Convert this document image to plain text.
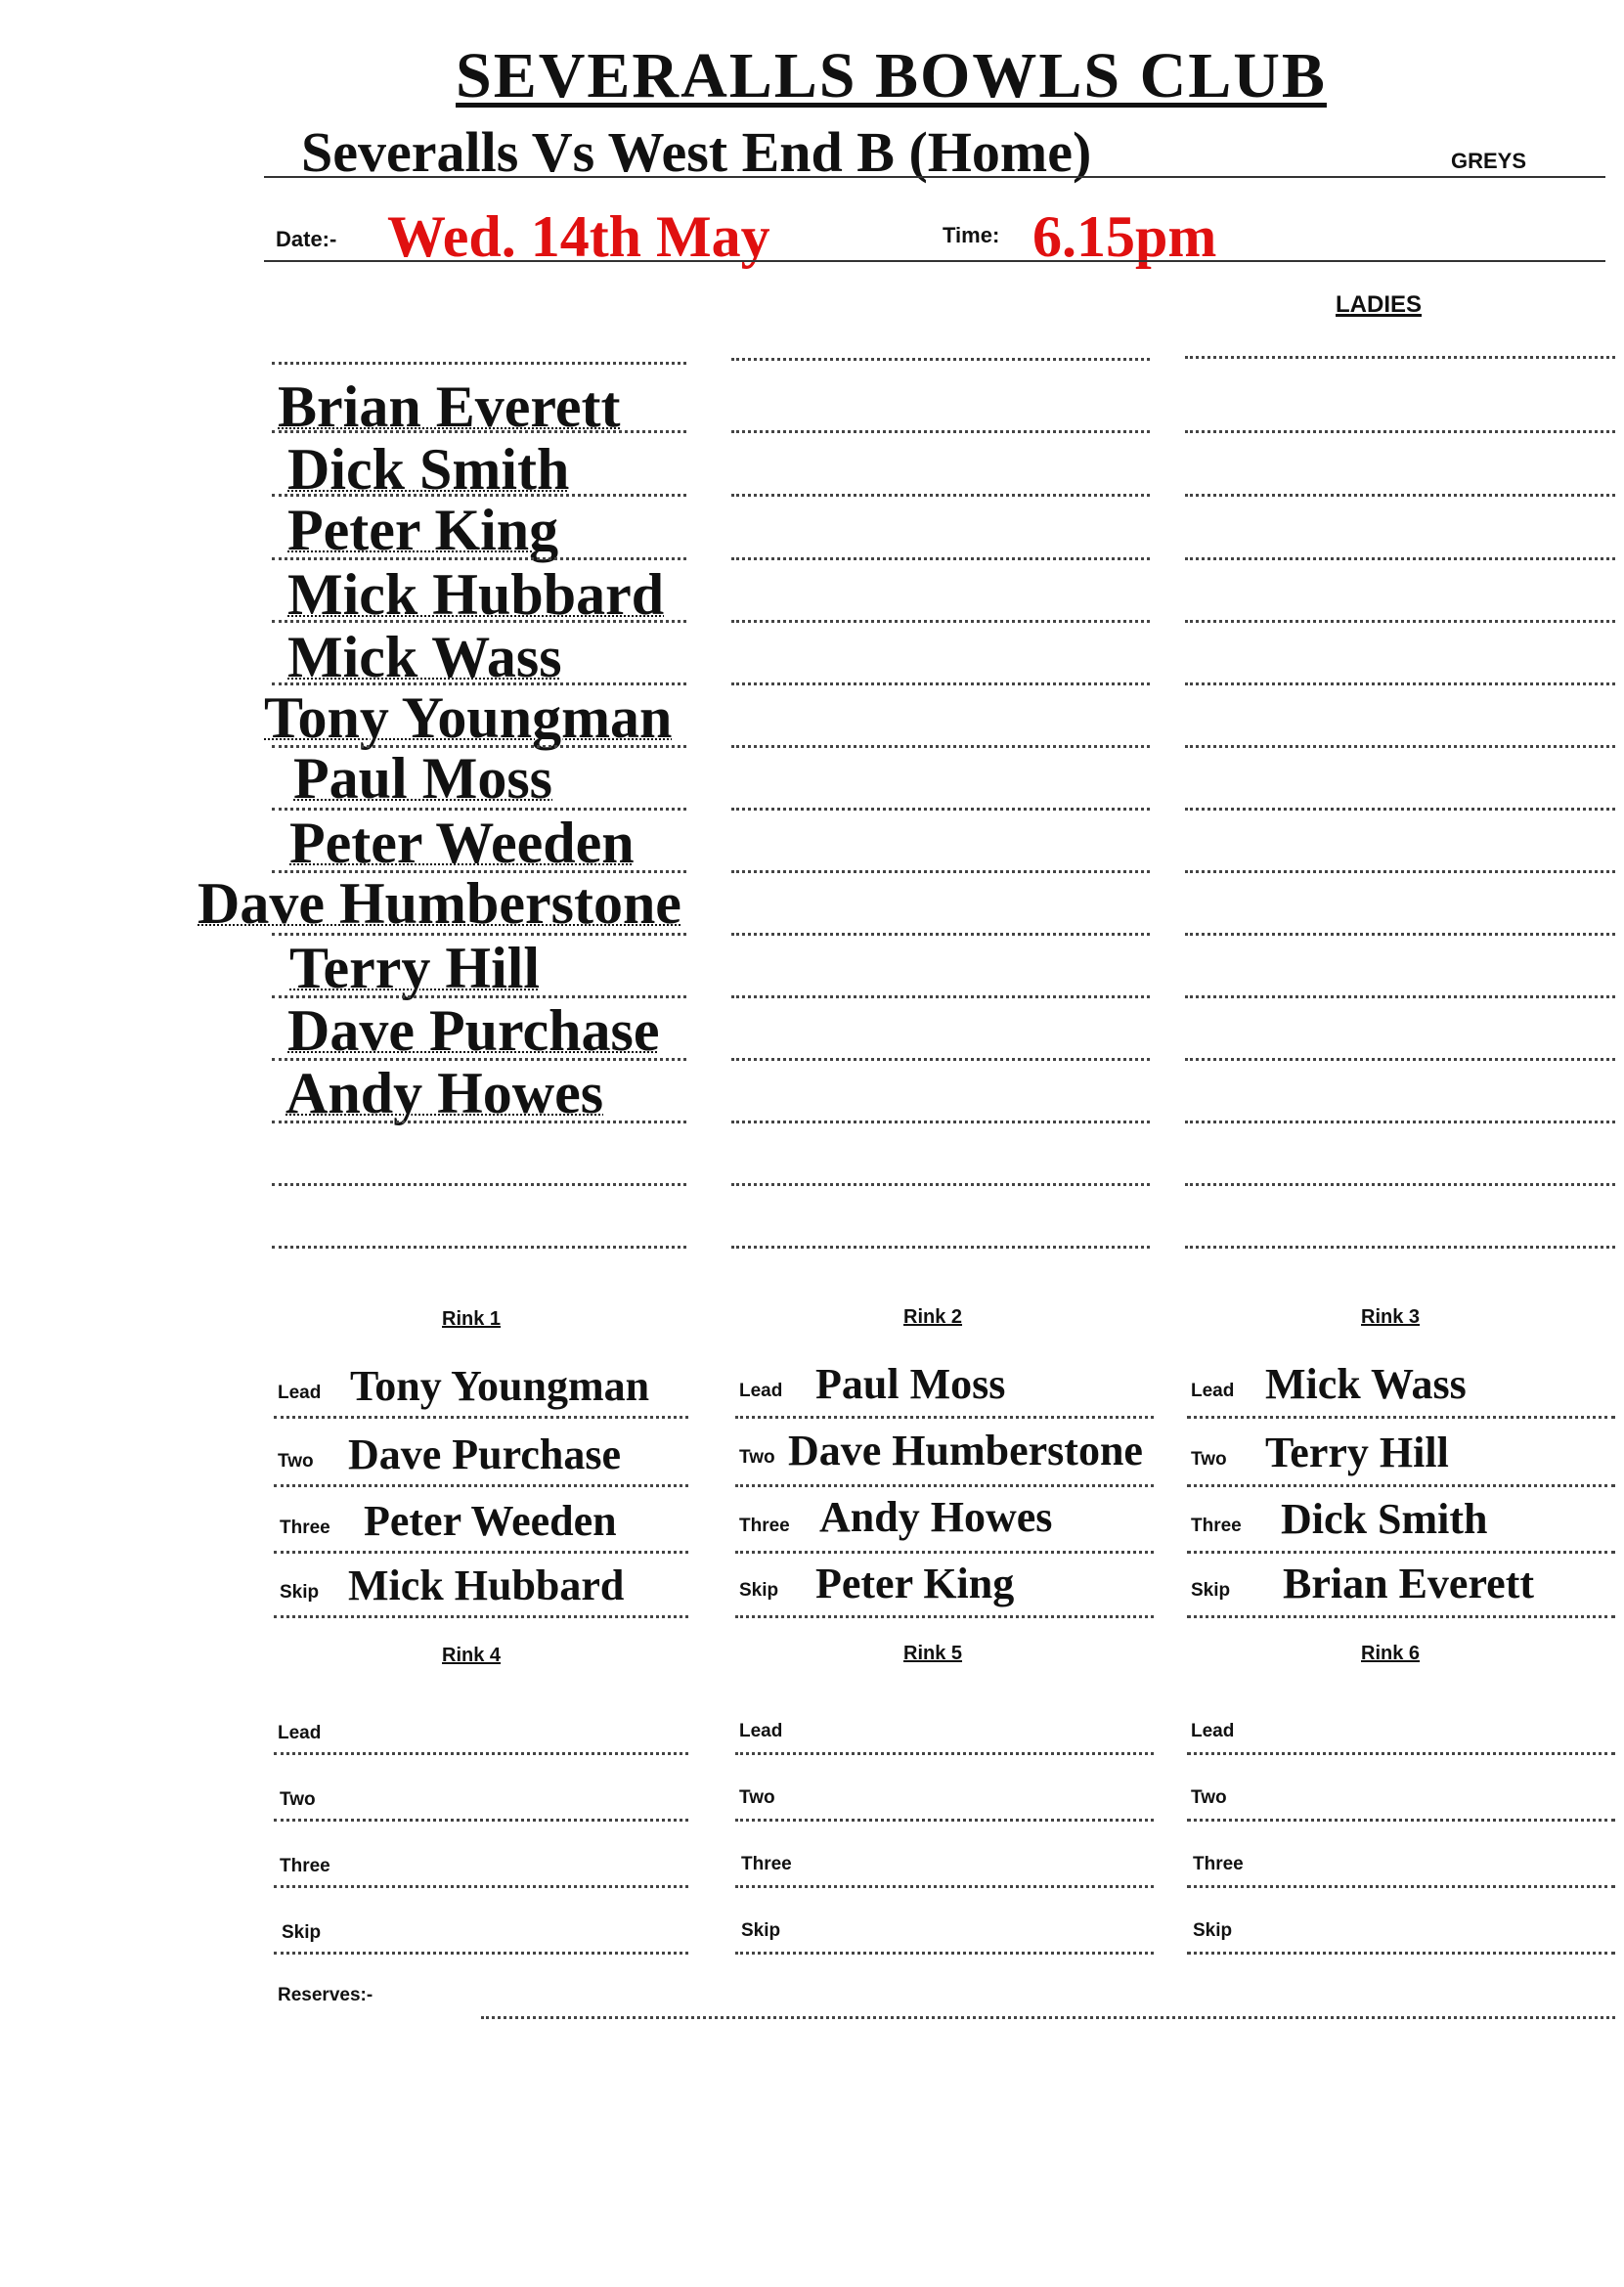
SEVERALLS BOWLS CLUB
Severalls Vs West End B (Home)	GREYS
Date:- Wed. 14th May	Time: 6.15pm
LADIES
Brian Everett
Dick Smith
Peter King
Mick Hubbard
Mick Wass
Tony Youngman
Paul Moss
Peter Weeden
Dave Humberstone
Terry Hill
Dave Purchase
Andy Howes
Rink 1	Rink 2	Rink 3
Lead Tony Youngman
Two Dave Purchase
Three Peter Weeden
Skip Mick Hubbard
Lead Paul Moss
Two Dave Humberstone
Three Andy Howes
Skip Peter King
Lead Mick Wass
Two Terry Hill
Three Dick Smith
Skip Brian Everett
Rink 4	Rink 5	Rink 6
Lead
Two
Three
Skip
Lead
Two
Three
Skip
Lead
Two
Three
Skip
Reserves:-
